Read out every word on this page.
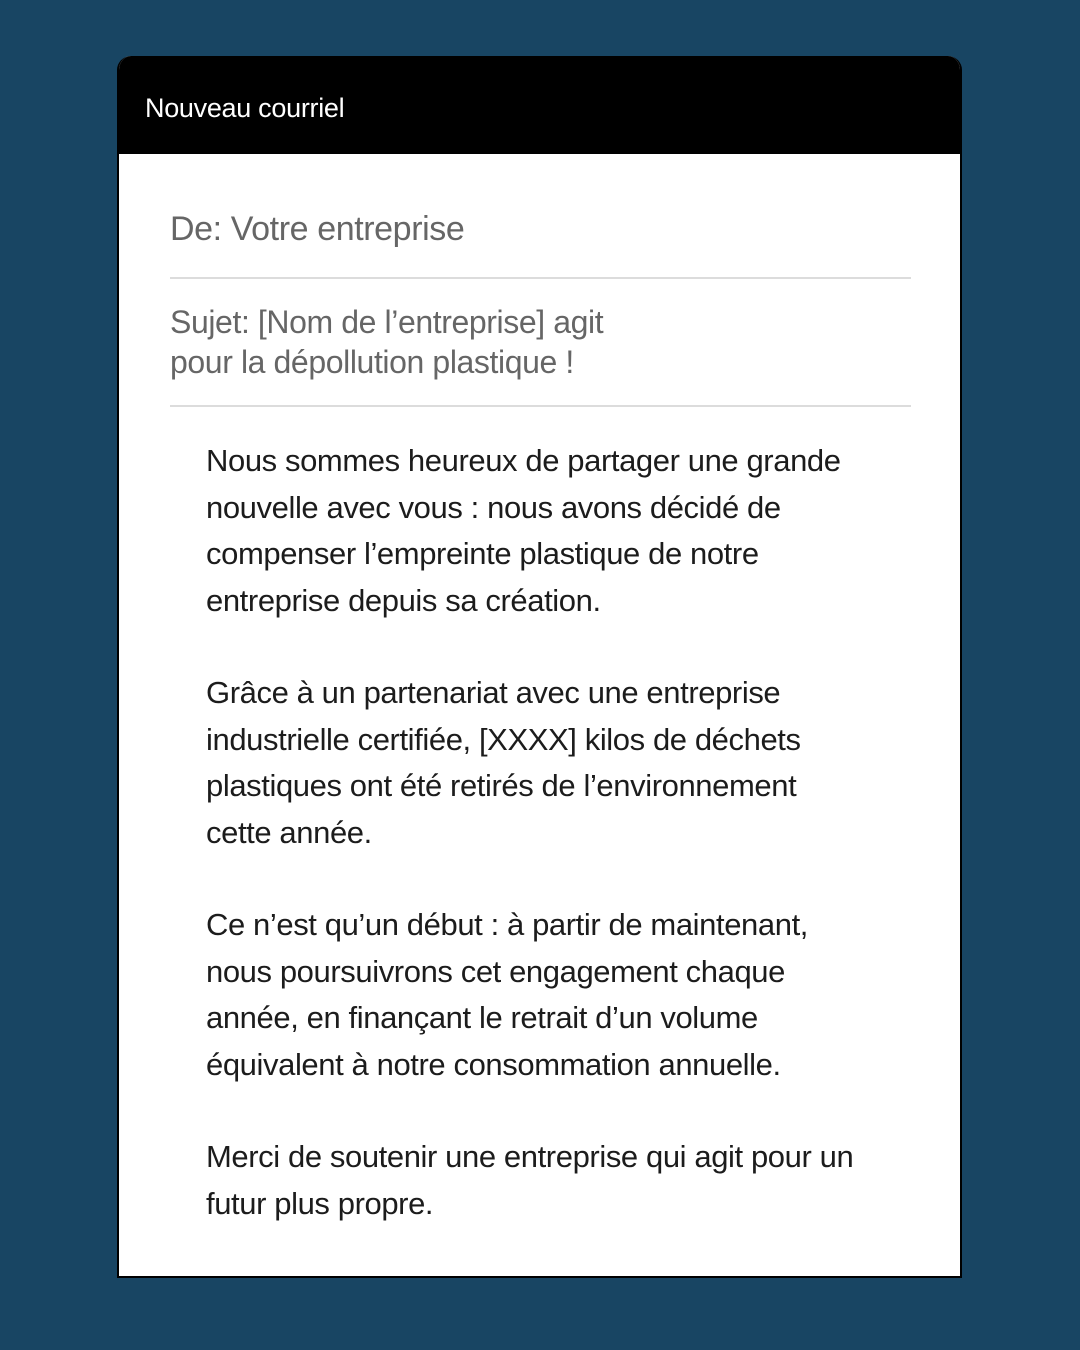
Nouveau courriel
De: Votre entreprise
Sujet: [Nom de l’entreprise] agit
pour la dépollution plastique !
Nous sommes heureux de partager une grande
nouvelle avec vous : nous avons décidé de
compenser l’empreinte plastique de notre
entreprise depuis sa création.
Grâce à un partenariat avec une entreprise
industrielle certifiée, [XXXX] kilos de déchets
plastiques ont été retirés de l’environnement
cette année.
Ce n’est qu’un début : à partir de maintenant,
nous poursuivrons cet engagement chaque
année, en finançant le retrait d’un volume
équivalent à notre consommation annuelle.
Merci de soutenir une entreprise qui agit pour un
futur plus propre.
